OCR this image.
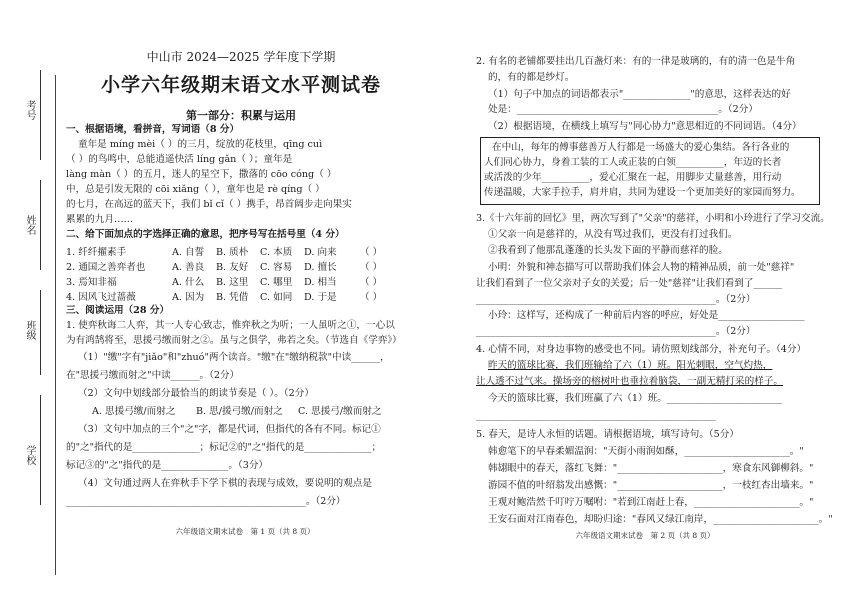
考号
姓名
班级
学校
中山市 2024—2025 学年度下学期
小学六年级期末语文水平测试卷
第一部分：积累与运用
一、根据语境，看拼音，写词语（8 分）
童年是 míng mèi（ ）的三月，绽放的花枝里，qīng cuì
（ ）的鸟鸣中，总能逍遥快活 líng gǎn（ ）；童年是
làng màn（ ）的五月，迷人的星空下，撒落的 cōo cóng（ ）
中，总是引发无限的 cōi xiǎng（ ），童年也是 rè qíng（ ）
的七月，在高远的蓝天下，我们 bǐ cǐ（ ）携手，昂首阔步走向果实
累累的九月……
二、给下面加点的字选择正确的意思，把序号写在括号里（4 分）
1. 纤纤擢素手	A. 自誓 B. 质朴 C. 本质 D. 向来 （ ）
2. 通国之善弈者也	A. 善良 B. 友好 C. 容易 D. 擅长 （ ）
3. 焉知非福	A. 什么 B. 这里 C. 哪里 D. 相当 （ ）
4. 因风飞过蔷薇	A. 因为 B. 凭借 C. 如同 D. 于是 （ ）
三、阅读运用（28 分）
1. 使弈秋诲二人弈，其一人专心致志，惟弈秋之为听；一人虽听之①，一心以
为有鸿鹄将至，思援弓缴而射之②。虽与之俱学，弗若之矣。（节选自《学弈》）
（1）"缴"字有"jiǎo"和"zhuó"两个读音。"缴"在"缴纳税款"中读______，
在"思援弓缴而射之"中读______。（2分）
（2）文句中划线部分最恰当的朗读节奏是（ ）。（2分）
A. 思援弓缴/而射之 B. 思/援弓缴/而射之 C. 思援弓/缴而射之
（3）文句中加点的三个"之"字，都是代词，但指代的各有不同。标记①
的"之"指代的是______________；标记②的"之"指代的是______________；
标记③的"之"指代的是______________。（3分）
（4）文句通过两人在弈秋手下学下棋的表现与成效，要说明的观点是
__________________________________________________。（2分）
六年级语文期末试卷　第 1 页（共 8 页）
2. 有名的老铺都要挂出几百盏灯来：有的一律是玻璃的，有的清一色是牛角
的，有的都是纱灯。
（1）句子中加点的词语都表示"______________"的意思，这样表达的好
处是：__________________________________________。（2分）
（2）根据语境，在横线上填写与"同心协力"意思相近的不同词语。（4分）
在中山，每年的傅事慈善万人行都是一场盛大的爱心集结。各行各业的
人们同心协力，身着工装的工人或正装的白领__________，年迈的长者
或活泼的少年__________，爱心汇聚在一起，用脚步丈量慈善，用行动
传递温暖，大家手拉手，肩并肩，共同为建设一个更加美好的家园而努力。
3.《十六年前的回忆》里，两次写到了"父亲"的慈祥，小明和小玲进行了学习交流。
①父亲一向是慈祥的，从没有骂过我们，更没有打过我们。
②我看到了他那乱蓬蓬的长头发下面的平静而慈祥的脸。
小明：外貌和神态描写可以帮助我们体会人物的精神品质，前一处"慈祥"
让我们看到了一位父亲对子女的关爱；后一处"慈祥"让我们看到了______
__________________________________________________。（2分）
小玲：这样写，还构成了一种前后内容的呼应，好处是__________________
__________________________________________________。（2分）
4. 心情不同，对身边事物的感受也不同。请仿照划线部分，补充句子。（4分）
昨天的篮球比赛，我们班输给了六（1）班。阳光刺眼，空气灼热，
让人透不过气来。操场旁的榕树叶也垂拉着脑袋，一副无精打采的样子。
今天的篮球比赛，我们班赢了六（1）班。________________________
__________________________________________________
5. 春天，是诗人永恒的话题。请根据语境，填写诗句。（5分）
韩愈笔下的早春柔媚温润："天街小雨润如酥，______________________。"
韩翃眼中的春天，落红飞舞："______________________，寒食东风御柳斜。"
游园不值的叶绍翁发出感慨："______________________，一枝红杏出墙来。"
王观对鲍浩然千叮咛万嘱咐："若到江南赶上春，______________________。"
王安石面对江南春色，却盼归途："春风又绿江南岸，______________________。"
六年级语文期末试卷　第 2 页（共 8 页）
